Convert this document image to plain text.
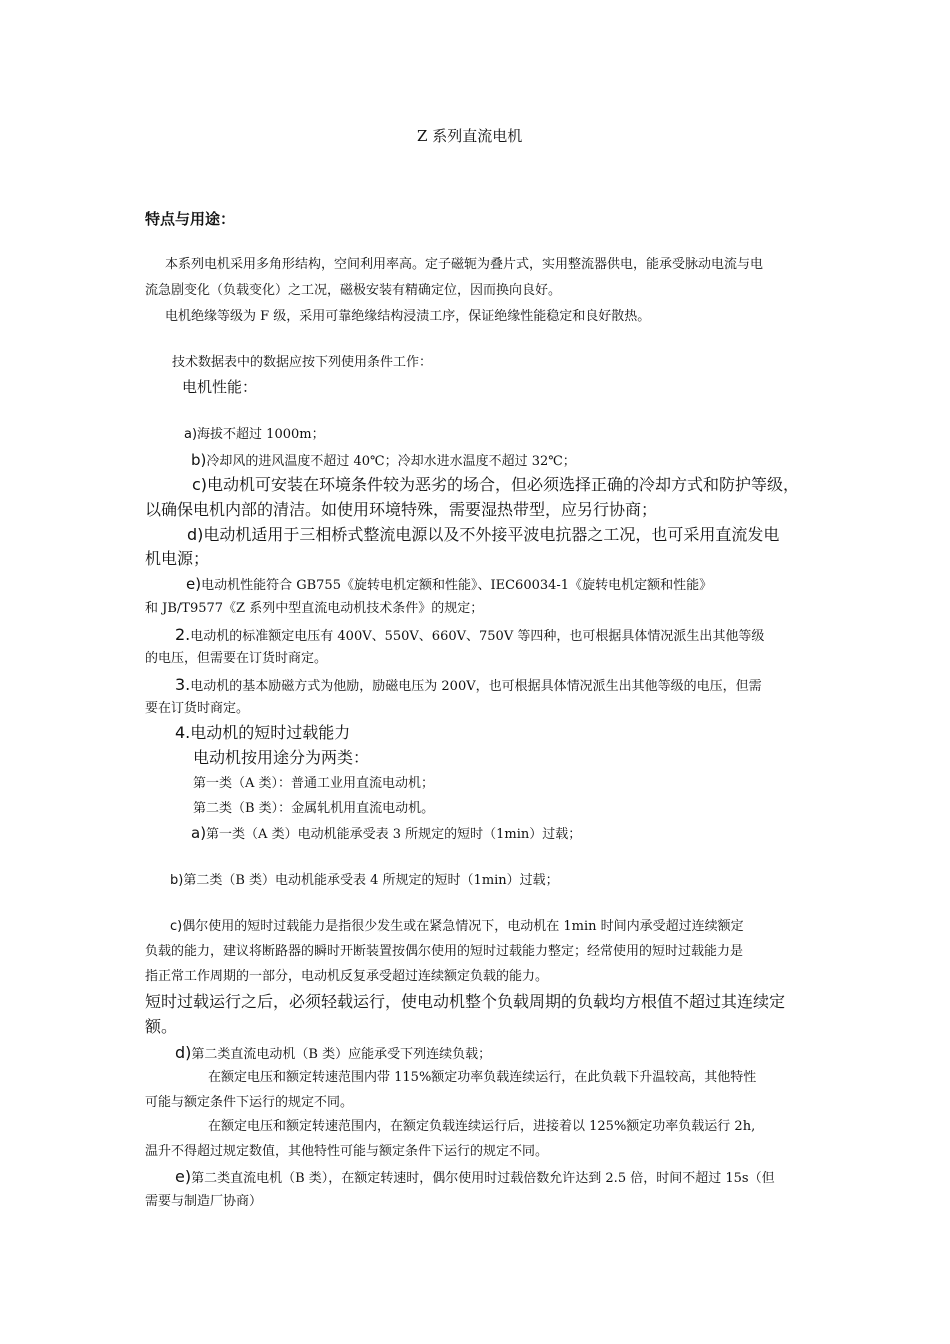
Z 系列直流电机
特点与用途：
本系列电机采用多角形结构，空间利用率高。定子磁轭为叠片式，实用整流器供电，能承受脉动电流与电
流急剧变化（负载变化）之工况，磁极安装有精确定位，因而换向良好。
电机绝缘等级为 F 级，采用可靠绝缘结构浸渍工序，保证绝缘性能稳定和良好散热。
技术数据表中的数据应按下列使用条件工作：
电机性能：
a)海拔不超过 1000m；
b)冷却风的进风温度不超过 40℃；冷却水进水温度不超过 32℃；
c)电动机可安装在环境条件较为恶劣的场合，但必须选择正确的冷却方式和防护等级，
以确保电机内部的清洁。如使用环境特殊，需要湿热带型，应另行协商；
d)电动机适用于三相桥式整流电源以及不外接平波电抗器之工况，也可采用直流发电
机电源；
e)电动机性能符合 GB755《旋转电机定额和性能》、IEC60034-1《旋转电机定额和性能》
和 JB/T9577《Z 系列中型直流电动机技术条件》的规定；
2.电动机的标准额定电压有 400V、550V、660V、750V 等四种，也可根据具体情况派生出其他等级
的电压，但需要在订货时商定。
3.电动机的基本励磁方式为他励，励磁电压为 200V，也可根据具体情况派生出其他等级的电压，但需
要在订货时商定。
4.电动机的短时过载能力
电动机按用途分为两类：
第一类（A 类）：普通工业用直流电动机；
第二类（B 类）：金属轧机用直流电动机。
a)第一类（A 类）电动机能承受表 3 所规定的短时（1min）过载；
b)第二类（B 类）电动机能承受表 4 所规定的短时（1min）过载；
c)偶尔使用的短时过载能力是指很少发生或在紧急情况下，电动机在 1min 时间内承受超过连续额定
负载的能力，建议将断路器的瞬时开断装置按偶尔使用的短时过载能力整定；经常使用的短时过载能力是
指正常工作周期的一部分，电动机反复承受超过连续额定负载的能力。
短时过载运行之后，必须轻载运行，使电动机整个负载周期的负载均方根值不超过其连续定
额。
d)第二类直流电动机（B 类）应能承受下列连续负载；
在额定电压和额定转速范围内带 115%额定功率负载连续运行，在此负载下升温较高，其他特性
可能与额定条件下运行的规定不同。
在额定电压和额定转速范围内，在额定负载连续运行后，进接着以 125%额定功率负载运行 2h,
温升不得超过规定数值，其他特性可能与额定条件下运行的规定不同。
e)第二类直流电机（B 类），在额定转速时，偶尔使用时过载倍数允许达到 2.5 倍，时间不超过 15s（但
需要与制造厂协商）
